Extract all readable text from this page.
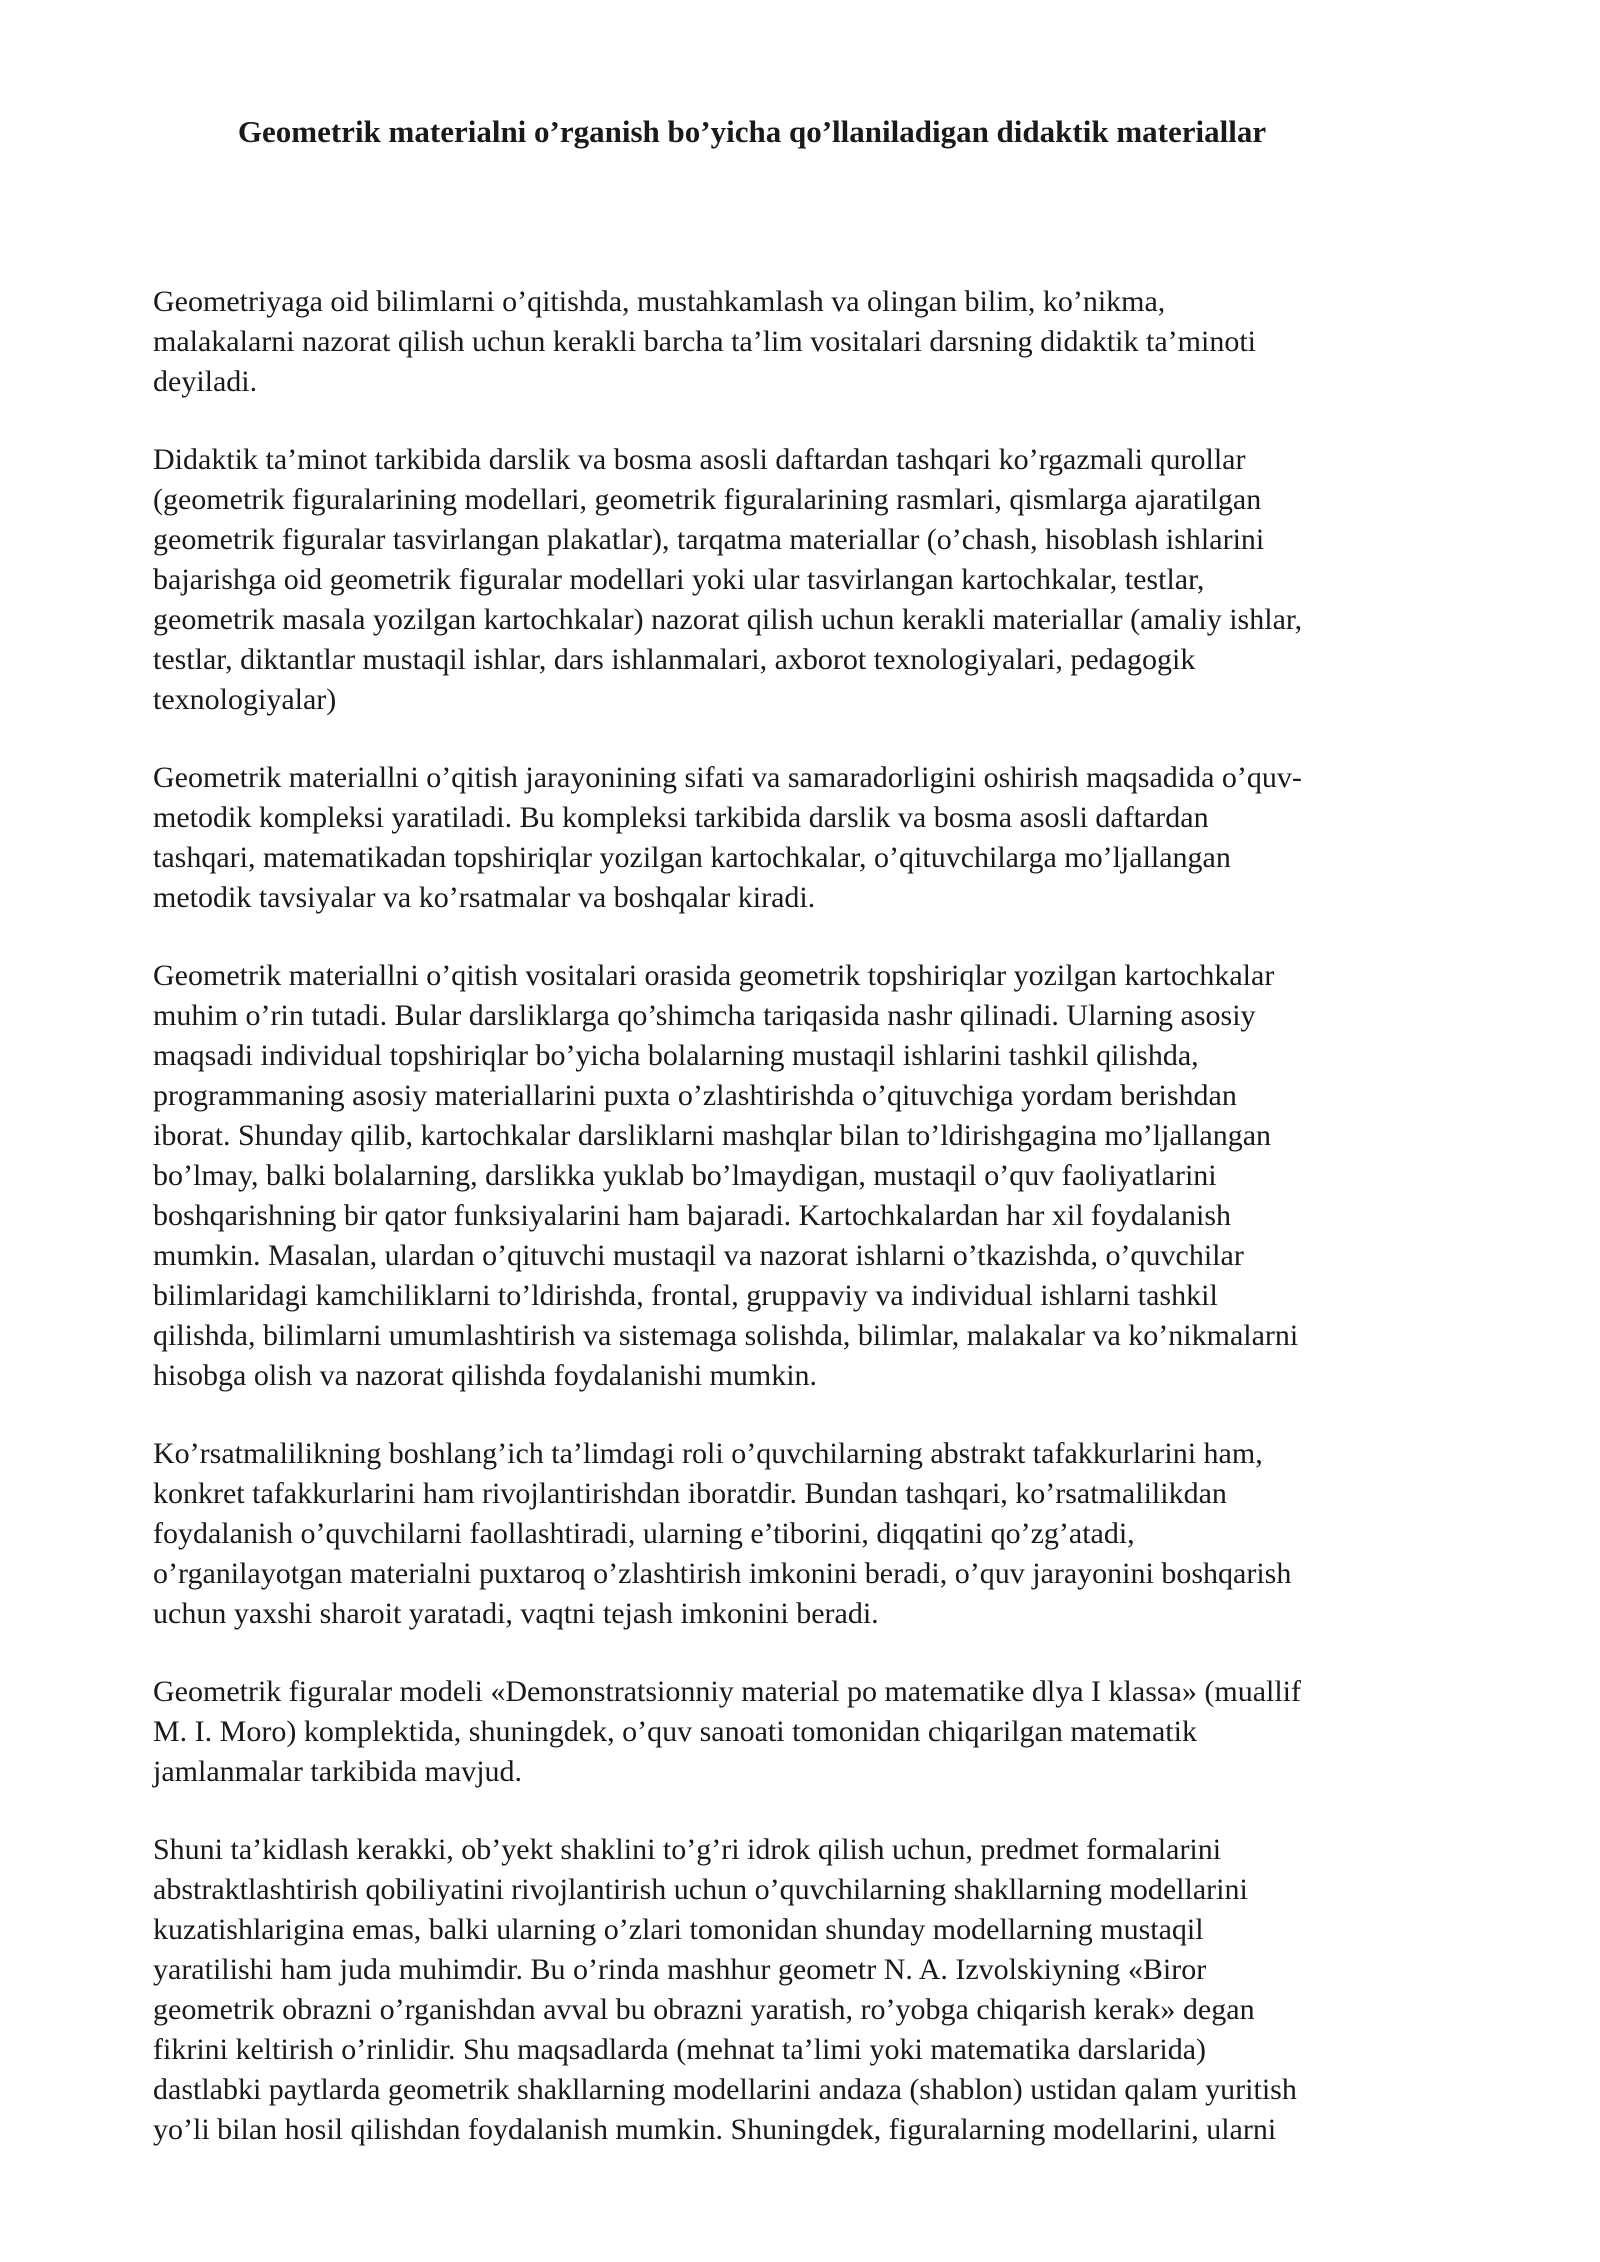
Geometrik materialni o’rganish bo’yicha qo’llaniladigan didaktik materiallar

Geometriyaga oid bilimlarni o’qitishda, mustahkamlash va olingan bilim, ko’nikma,
malakalarni nazorat qilish uchun kerakli barcha ta’lim vositalari darsning didaktik ta’minoti
deyiladi.

Didaktik ta’minot tarkibida darslik va bosma asosli daftardan tashqari ko’rgazmali qurollar
(geometrik figuralarining modellari, geometrik figuralarining rasmlari, qismlarga ajaratilgan
geometrik figuralar tasvirlangan plakatlar), tarqatma materiallar (o’chash, hisoblash ishlarini
bajarishga oid geometrik figuralar modellari yoki ular tasvirlangan kartochkalar, testlar,
geometrik masala yozilgan kartochkalar) nazorat qilish uchun kerakli materiallar (amaliy ishlar,
testlar, diktantlar mustaqil ishlar, dars ishlanmalari, axborot texnologiyalari, pedagogik
texnologiyalar)

Geometrik materiallni o’qitish jarayonining sifati va samaradorligini oshirish maqsadida o’quv-
metodik kompleksi yaratiladi. Bu kompleksi tarkibida darslik va bosma asosli daftardan
tashqari, matematikadan topshiriqlar yozilgan kartochkalar, o’qituvchilarga mo’ljallangan
metodik tavsiyalar va ko’rsatmalar va boshqalar kiradi.

Geometrik materiallni o’qitish vositalari orasida geometrik topshiriqlar yozilgan kartochkalar
muhim o’rin tutadi. Bular darsliklarga qo’shimcha tariqasida nashr qilinadi. Ularning asosiy
maqsadi individual topshiriqlar bo’yicha bolalarning mustaqil ishlarini tashkil qilishda,
programmaning asosiy materiallarini puxta o’zlashtirishda o’qituvchiga yordam berishdan
iborat. Shunday qilib, kartochkalar darsliklarni mashqlar bilan to’ldirishgagina mo’ljallangan
bo’lmay, balki bolalarning, darslikka yuklab bo’lmaydigan, mustaqil o’quv faoliyatlarini
boshqarishning bir qator funksiyalarini ham bajaradi. Kartochkalardan har xil foydalanish
mumkin. Masalan, ulardan o’qituvchi mustaqil va nazorat ishlarni o’tkazishda, o’quvchilar
bilimlaridagi kamchiliklarni to’ldirishda, frontal, gruppaviy va individual ishlarni tashkil
qilishda, bilimlarni umumlashtirish va sistemaga solishda, bilimlar, malakalar va ko’nikmalarni
hisobga olish va nazorat qilishda foydalanishi mumkin.

Ko’rsatmalilikning boshlang’ich ta’limdagi roli o’quvchilarning abstrakt tafakkurlarini ham,
konkret tafakkurlarini ham rivojlantirishdan iboratdir. Bundan tashqari, ko’rsatmalilikdan
foydalanish o’quvchilarni faollashtiradi, ularning e’tiborini, diqqatini qo’zg’atadi,
o’rganilayotgan materialni puxtaroq o’zlashtirish imkonini beradi, o’quv jarayonini boshqarish
uchun yaxshi sharoit yaratadi, vaqtni tejash imkonini beradi.

Geometrik figuralar modeli «Demonstratsionniy material po matematike dlya I klassa» (muallif
M. I. Moro) komplektida, shuningdek, o’quv sanoati tomonidan chiqarilgan matematik
jamlanmalar tarkibida mavjud.

Shuni ta’kidlash kerakki, ob’yekt shaklini to’g’ri idrok qilish uchun, predmet formalarini
abstraktlashtirish qobiliyatini rivojlantirish uchun o’quvchilarning shakllarning modellarini
kuzatishlarigina emas, balki ularning o’zlari tomonidan shunday modellarning mustaqil
yaratilishi ham juda muhimdir. Bu o’rinda mashhur geometr N. A. Izvolskiyning «Biror
geometrik obrazni o’rganishdan avval bu obrazni yaratish, ro’yobga chiqarish kerak» degan
fikrini keltirish o’rinlidir. Shu maqsadlarda (mehnat ta’limi yoki matematika darslarida)
dastlabki paytlarda geometrik shakllarning modellarini andaza (shablon) ustidan qalam yuritish
yo’li bilan hosil qilishdan foydalanish mumkin. Shuningdek, figuralarning modellarini, ularni
